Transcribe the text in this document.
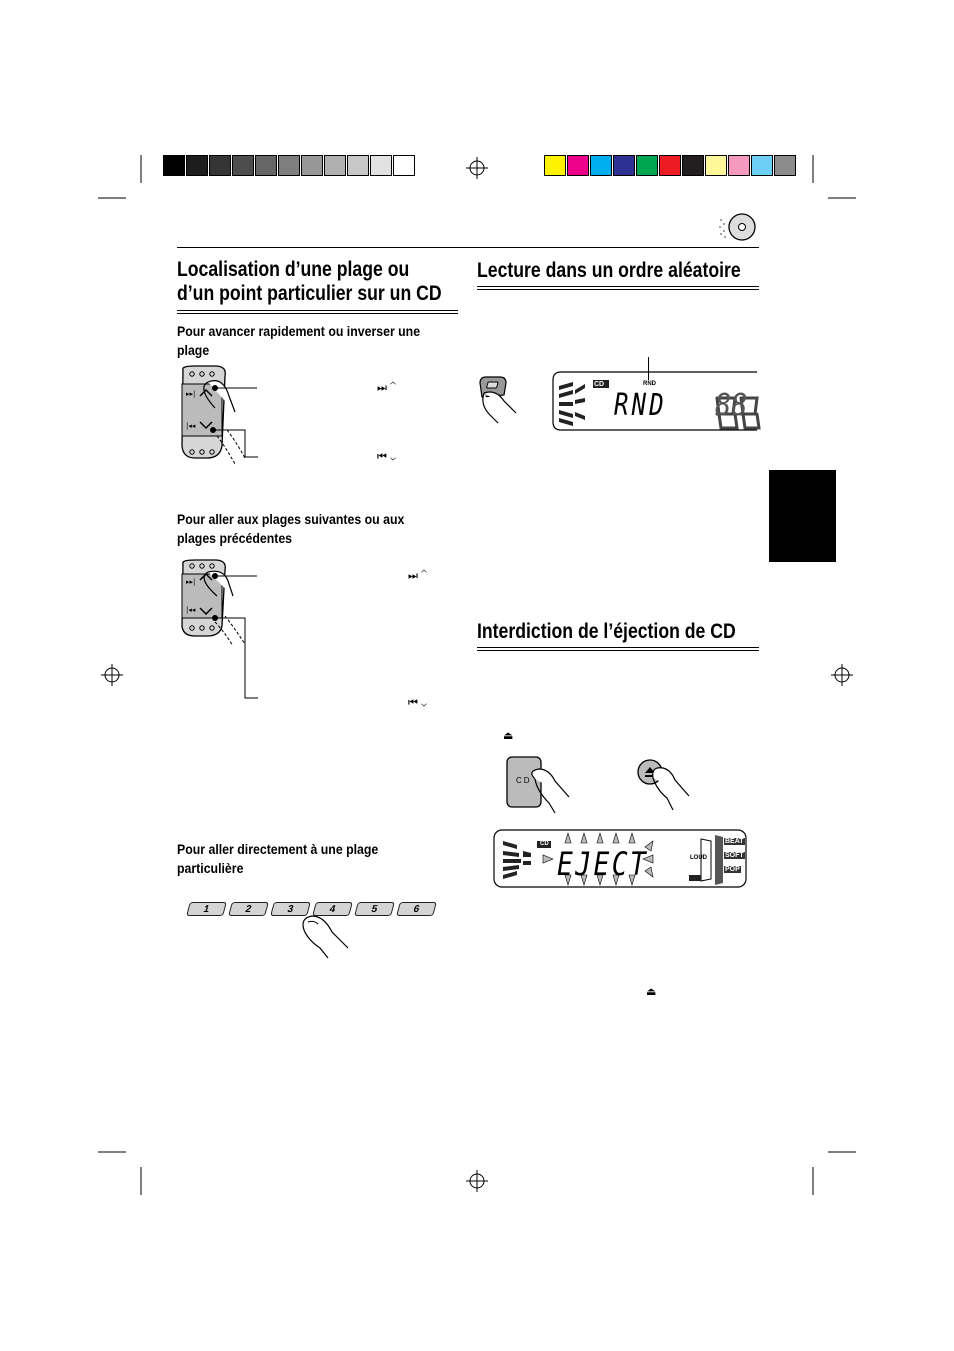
Localisation d’une plage ou
d’un point particulier sur un CD
Pour avancer rapidement ou inverser une
plage
▸▸|
|◂◂
⏭ ⌃
⏮ ⌄
Pour aller aux plages suivantes ou aux
plages précédentes
▸▸|
|◂◂
⏭ ⌃
⏮ ⌄
Pour aller directement à une plage
particulière
1	2	3	4	5	6
Lecture dans un ordre aléatoire
CD	RND
RND 88
Interdiction de l’éjection de CD
⏏
CD
CD
EJECT	LOUD
BEAT
SOFT
POP
⏏
